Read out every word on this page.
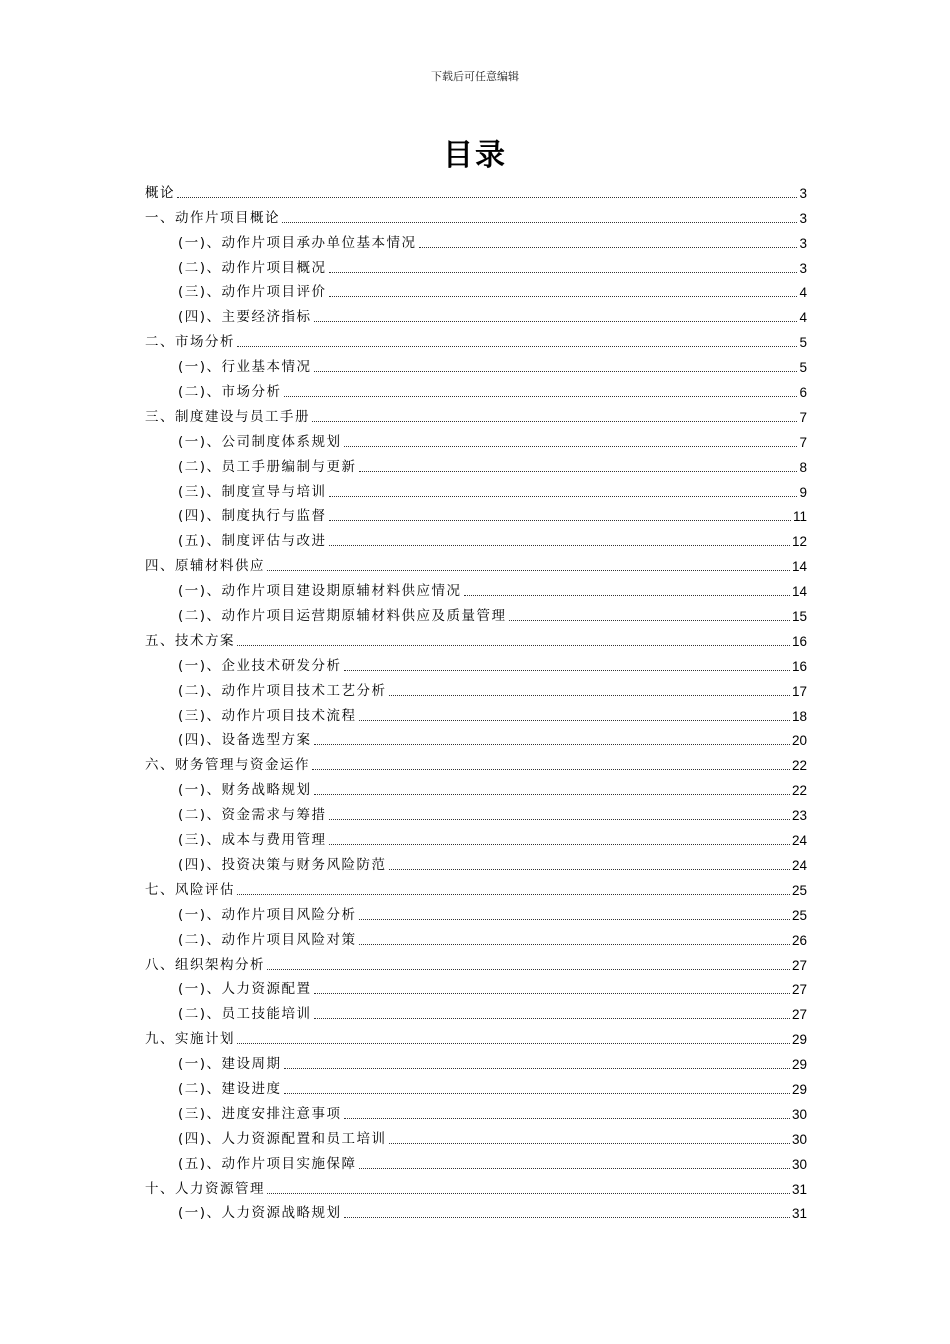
下载后可任意编辑
目录
概论	3
一、动作片项目概论	3
(一)、动作片项目承办单位基本情况	3
(二)、动作片项目概况	3
(三)、动作片项目评价	4
(四)、主要经济指标	4
二、市场分析	5
(一)、行业基本情况	5
(二)、市场分析	6
三、制度建设与员工手册	7
(一)、公司制度体系规划	7
(二)、员工手册编制与更新	8
(三)、制度宣导与培训	9
(四)、制度执行与监督	11
(五)、制度评估与改进	12
四、原辅材料供应	14
(一)、动作片项目建设期原辅材料供应情况	14
(二)、动作片项目运营期原辅材料供应及质量管理	15
五、技术方案	16
(一)、企业技术研发分析	16
(二)、动作片项目技术工艺分析	17
(三)、动作片项目技术流程	18
(四)、设备选型方案	20
六、财务管理与资金运作	22
(一)、财务战略规划	22
(二)、资金需求与筹措	23
(三)、成本与费用管理	24
(四)、投资决策与财务风险防范	24
七、风险评估	25
(一)、动作片项目风险分析	25
(二)、动作片项目风险对策	26
八、组织架构分析	27
(一)、人力资源配置	27
(二)、员工技能培训	27
九、实施计划	29
(一)、建设周期	29
(二)、建设进度	29
(三)、进度安排注意事项	30
(四)、人力资源配置和员工培训	30
(五)、动作片项目实施保障	30
十、人力资源管理	31
(一)、人力资源战略规划	31
